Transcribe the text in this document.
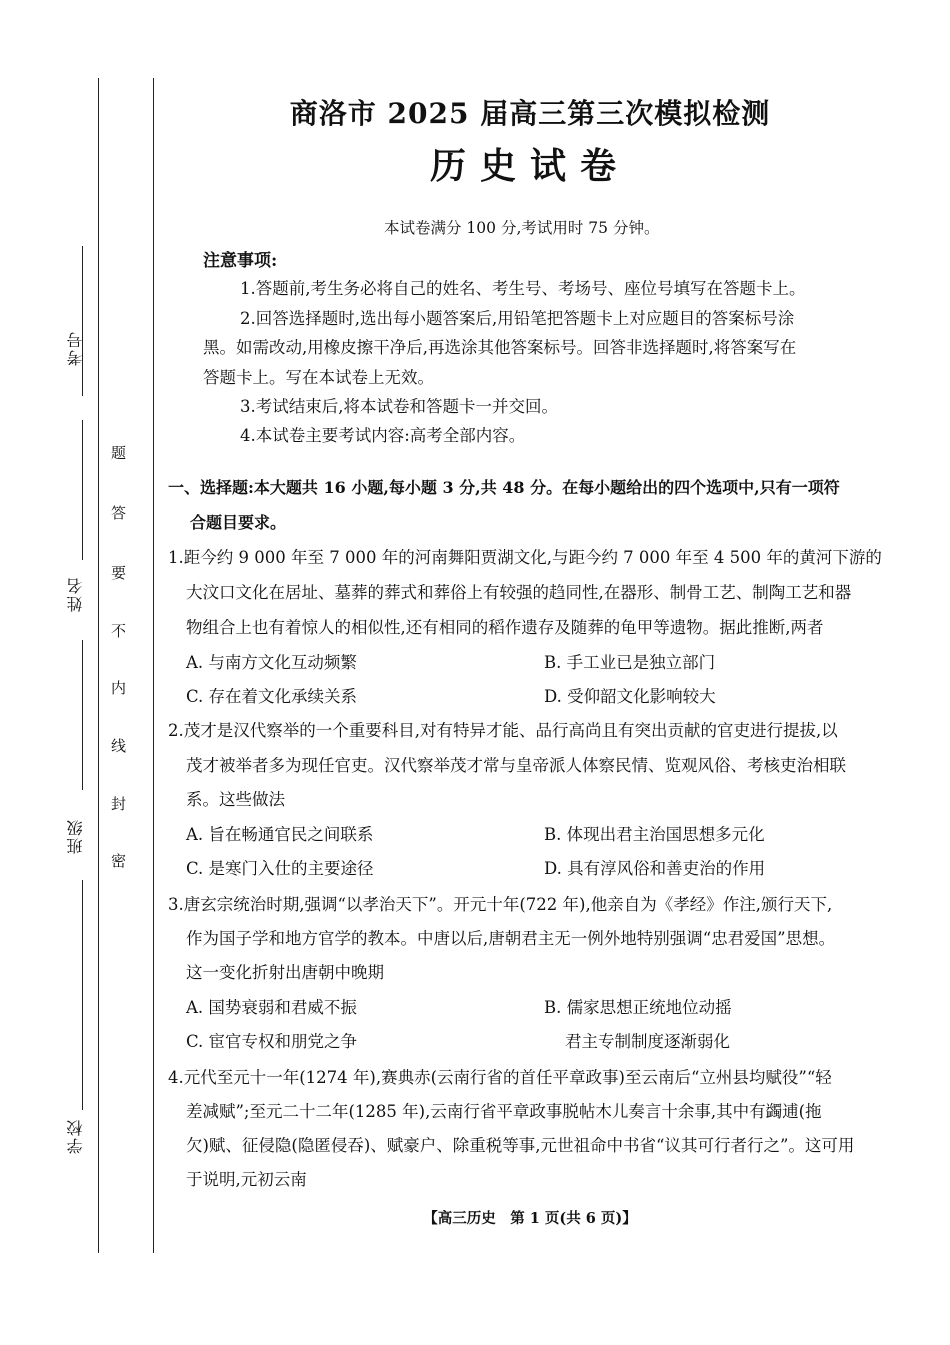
考号
姓名
班级
学校
题
答
要
不
内
线
封
密
商洛市 2025 届高三第三次模拟检测
历史试卷
本试卷满分 100 分,考试用时 75 分钟。
注意事项:
1.答题前,考生务必将自己的姓名、考生号、考场号、座位号填写在答题卡上。
2.回答选择题时,选出每小题答案后,用铅笔把答题卡上对应题目的答案标号涂
黑。如需改动,用橡皮擦干净后,再选涂其他答案标号。回答非选择题时,将答案写在
答题卡上。写在本试卷上无效。
3.考试结束后,将本试卷和答题卡一并交回。
4.本试卷主要考试内容:高考全部内容。
一、选择题:本大题共 16 小题,每小题 3 分,共 48 分。在每小题给出的四个选项中,只有一项符
合题目要求。
1.距今约 9 000 年至 7 000 年的河南舞阳贾湖文化,与距今约 7 000 年至 4 500 年的黄河下游的
大汶口文化在居址、墓葬的葬式和葬俗上有较强的趋同性,在器形、制骨工艺、制陶工艺和器
物组合上也有着惊人的相似性,还有相同的稻作遗存及随葬的龟甲等遗物。据此推断,两者
A. 与南方文化互动频繁	B. 手工业已是独立部门
C. 存在着文化承续关系	D. 受仰韶文化影响较大
2.茂才是汉代察举的一个重要科目,对有特异才能、品行高尚且有突出贡献的官吏进行提拔,以
茂才被举者多为现任官吏。汉代察举茂才常与皇帝派人体察民情、览观风俗、考核吏治相联
系。这些做法
A. 旨在畅通官民之间联系	B. 体现出君主治国思想多元化
C. 是寒门入仕的主要途径	D. 具有淳风俗和善吏治的作用
3.唐玄宗统治时期,强调“以孝治天下”。开元十年(722 年),他亲自为《孝经》作注,颁行天下,
作为国子学和地方官学的教本。中唐以后,唐朝君主无一例外地特别强调“忠君爱国”思想。
这一变化折射出唐朝中晚期
A. 国势衰弱和君威不振	B. 儒家思想正统地位动摇
C. 宦官专权和朋党之争	君主专制制度逐渐弱化
4.元代至元十一年(1274 年),赛典赤(云南行省的首任平章政事)至云南后“立州县均赋役”“轻
差减赋”;至元二十二年(1285 年),云南行省平章政事脱帖木儿奏言十余事,其中有蠲逋(拖
欠)赋、征侵隐(隐匿侵吞)、赋豪户、除重税等事,元世祖命中书省“议其可行者行之”。这可用
于说明,元初云南
【高三历史　第 1 页(共 6 页)】
